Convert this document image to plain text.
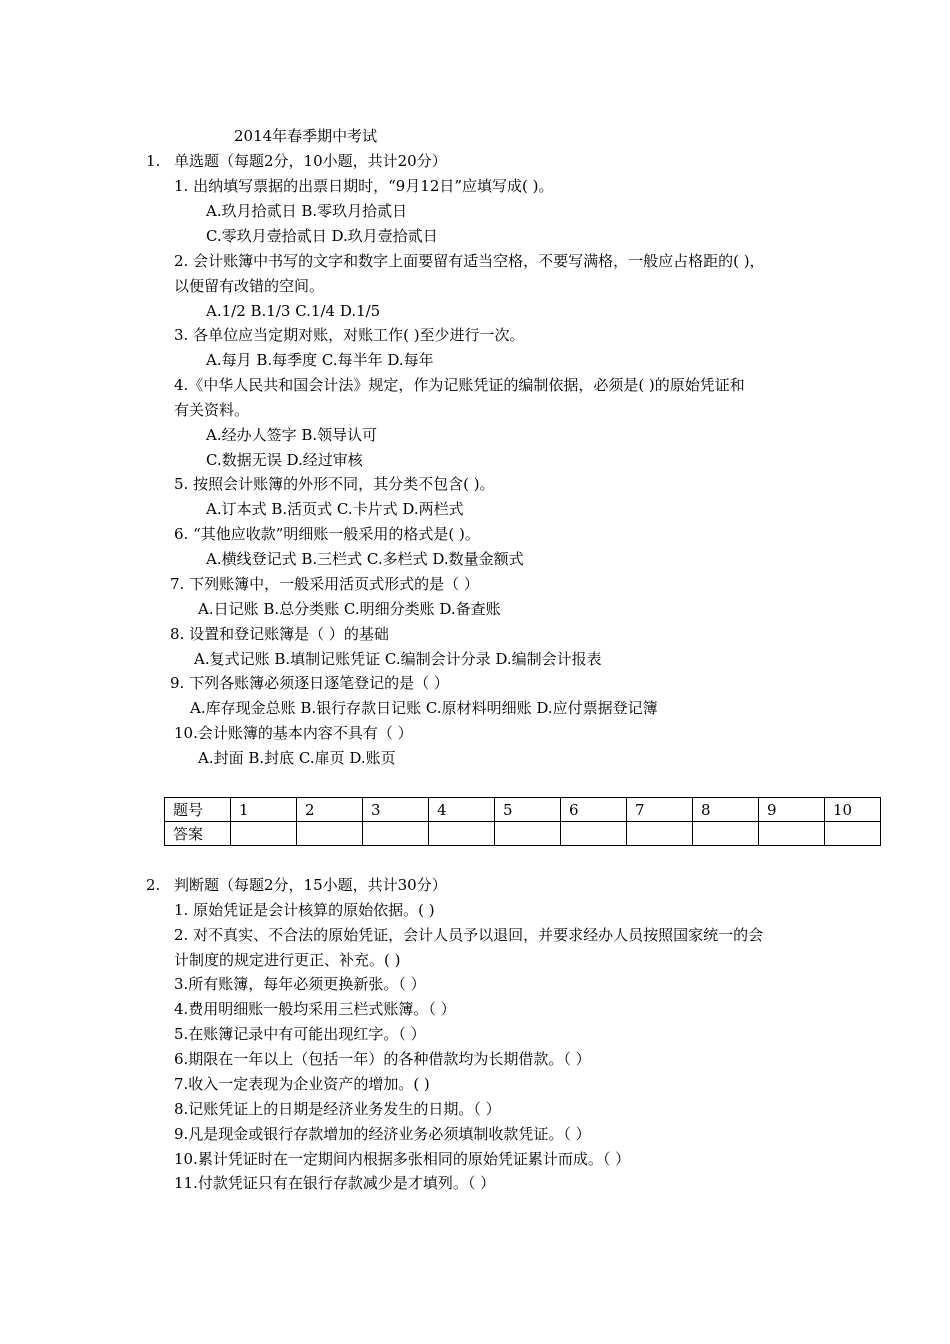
2014年春季期中考试
1. 单选题（每题2分，10小题，共计20分）
1. 出纳填写票据的出票日期时，“9月12日”应填写成( )。
A.玖月拾贰日 B.零玖月拾贰日
C.零玖月壹拾贰日 D.玖月壹拾贰日
2. 会计账簿中书写的文字和数字上面要留有适当空格，不要写满格，一般应占格距的( )，
以便留有改错的空间。
A.1/2 B.1/3 C.1/4 D.1/5
3. 各单位应当定期对账，对账工作( )至少进行一次。
A.每月 B.每季度 C.每半年 D.每年
4.《中华人民共和国会计法》规定，作为记账凭证的编制依据，必须是( )的原始凭证和
有关资料。
A.经办人签字 B.领导认可
C.数据无误 D.经过审核
5. 按照会计账簿的外形不同，其分类不包含( )。
A.订本式 B.活页式 C.卡片式 D.两栏式
6. “其他应收款”明细账一般采用的格式是( )。
A.横线登记式 B.三栏式 C.多栏式 D.数量金额式
7. 下列账簿中，一般采用活页式形式的是（ ）
A.日记账 B.总分类账 C.明细分类账 D.备查账
8. 设置和登记账簿是（ ）的基础
A.复式记账 B.填制记账凭证 C.编制会计分录 D.编制会计报表
9. 下列各账簿必须逐日逐笔登记的是（ ）
A.库存现金总账 B.银行存款日记账 C.原材料明细账 D.应付票据登记簿
10.会计账簿的基本内容不具有（ ）
A.封面 B.封底 C.扉页 D.账页
题号	1	2	3	4	5	6	7	8	9	10
答案										
2. 判断题（每题2分，15小题，共计30分）
1. 原始凭证是会计核算的原始依据。( )
2. 对不真实、不合法的原始凭证，会计人员予以退回，并要求经办人员按照国家统一的会
计制度的规定进行更正、补充。( )
3.所有账簿，每年必须更换新张。（ ）
4.费用明细账一般均采用三栏式账簿。（ ）
5.在账簿记录中有可能出现红字。（ ）
6.期限在一年以上（包括一年）的各种借款均为长期借款。（ ）
7.收入一定表现为企业资产的增加。( )
8.记账凭证上的日期是经济业务发生的日期。（ ）
9.凡是现金或银行存款增加的经济业务必须填制收款凭证。（ ）
10.累计凭证时在一定期间内根据多张相同的原始凭证累计而成。（ ）
11.付款凭证只有在银行存款减少是才填列。（ ）
